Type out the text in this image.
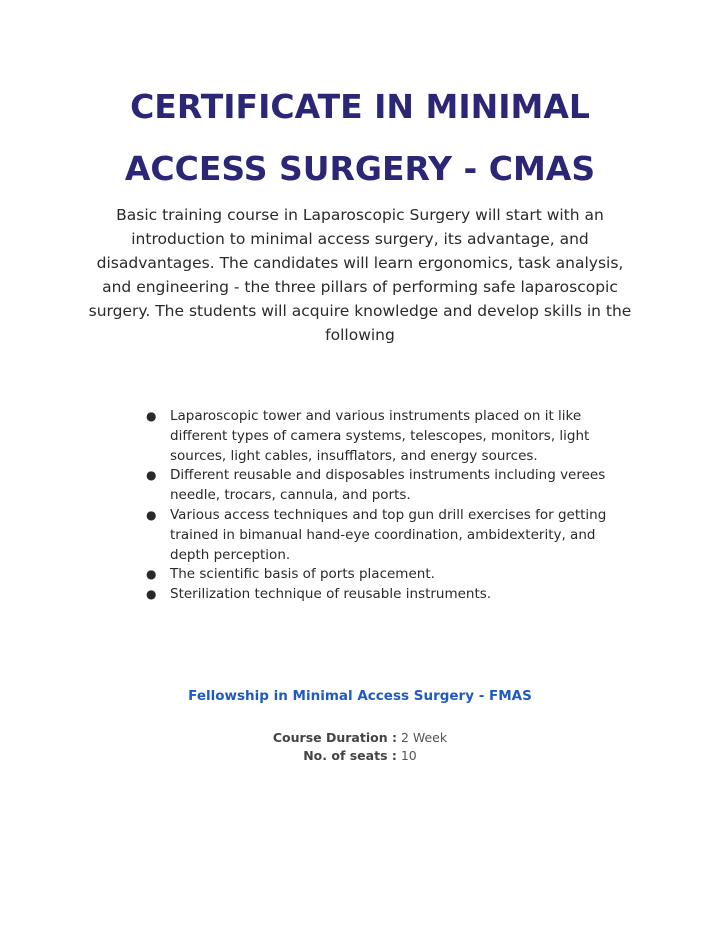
CERTIFICATE IN MINIMAL
ACCESS SURGERY - CMAS

Basic training course in Laparoscopic Surgery will start with an introduction to minimal access surgery, its advantage, and disadvantages. The candidates will learn ergonomics, task analysis, and engineering - the three pillars of performing safe laparoscopic surgery. The students will acquire knowledge and develop skills in the following

● Laparoscopic tower and various instruments placed on it like different types of camera systems, telescopes, monitors, light sources, light cables, insufflators, and energy sources.
● Different reusable and disposables instruments including verees needle, trocars, cannula, and ports.
● Various access techniques and top gun drill exercises for getting trained in bimanual hand-eye coordination, ambidexterity, and depth perception.
● The scientific basis of ports placement.
● Sterilization technique of reusable instruments.
Fellowship in Minimal Access Surgery - FMAS
Course Duration : 2 Week
No. of seats : 10
